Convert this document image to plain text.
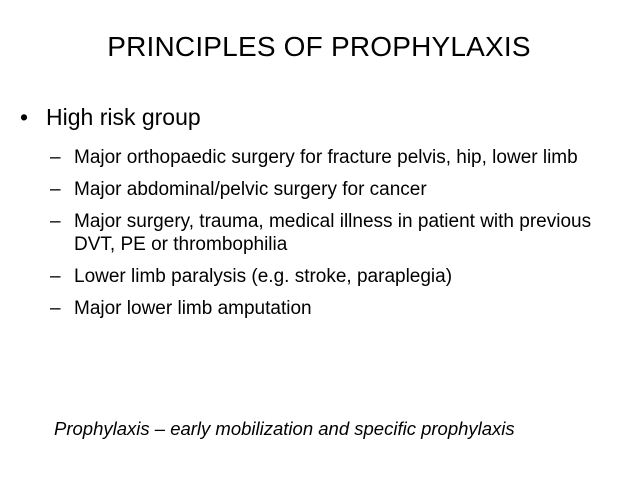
PRINCIPLES OF PROPHYLAXIS
• High risk group
– Major orthopaedic surgery for fracture pelvis, hip, lower limb
– Major abdominal/pelvic surgery for cancer
– Major surgery, trauma, medical illness in patient with previous DVT, PE or thrombophilia
– Lower limb paralysis (e.g. stroke, paraplegia)
– Major lower limb amputation
Prophylaxis – early mobilization and specific prophylaxis
